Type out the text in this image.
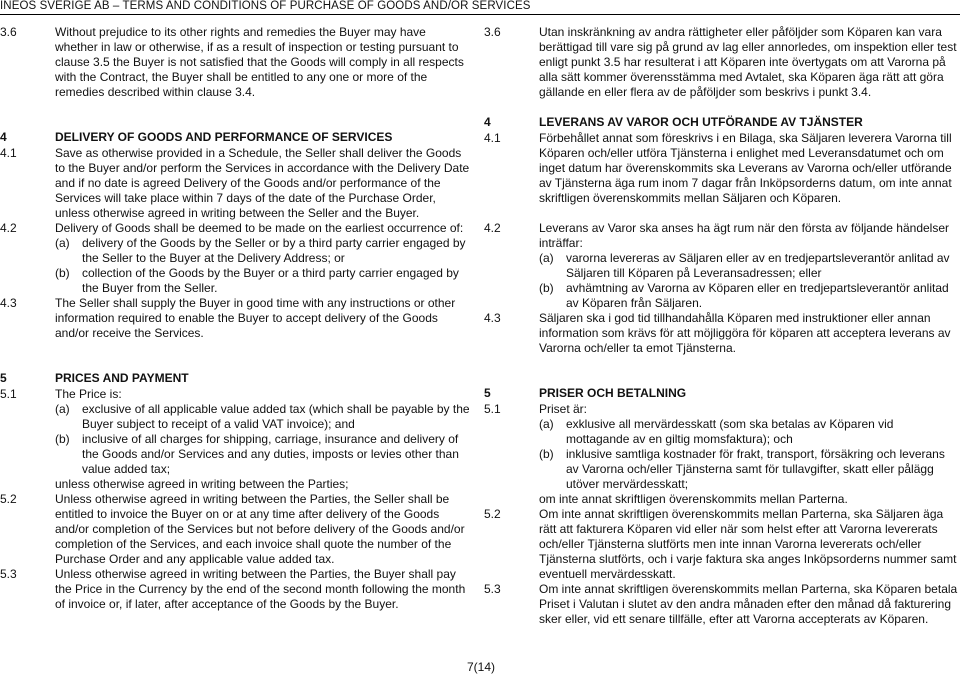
INEOS SVERIGE AB – TERMS AND CONDITIONS OF PURCHASE OF GOODS AND/OR SERVICES
3.6	Without prejudice to its other rights and remedies the Buyer may have whether in law or otherwise, if as a result of inspection or testing pursuant to clause 3.5 the Buyer is not satisfied that the Goods will comply in all respects with the Contract, the Buyer shall be entitled to any one or more of the remedies described within clause 3.4.
4	DELIVERY OF GOODS AND PERFORMANCE OF SERVICES
4.1	Save as otherwise provided in a Schedule, the Seller shall deliver the Goods to the Buyer and/or perform the Services in accordance with the Delivery Date and if no date is agreed Delivery of the Goods and/or performance of the Services will take place within 7 days of the date of the Purchase Order, unless otherwise agreed in writing between the Seller and the Buyer.
4.2	Delivery of Goods shall be deemed to be made on the earliest occurrence of:
(a) delivery of the Goods by the Seller or by a third party carrier engaged by the Seller to the Buyer at the Delivery Address; or
(b) collection of the Goods by the Buyer or a third party carrier engaged by the Buyer from the Seller.
4.3	The Seller shall supply the Buyer in good time with any instructions or other information required to enable the Buyer to accept delivery of the Goods and/or receive the Services.
5	PRICES AND PAYMENT
5.1	The Price is:
(a) exclusive of all applicable value added tax (which shall be payable by the Buyer subject to receipt of a valid VAT invoice); and
(b) inclusive of all charges for shipping, carriage, insurance and delivery of the Goods and/or Services and any duties, imposts or levies other than value added tax;
unless otherwise agreed in writing between the Parties;
5.2	Unless otherwise agreed in writing between the Parties, the Seller shall be entitled to invoice the Buyer on or at any time after delivery of the Goods and/or completion of the Services but not before delivery of the Goods and/or completion of the Services, and each invoice shall quote the number of the Purchase Order and any applicable value added tax.
5.3	Unless otherwise agreed in writing between the Parties, the Buyer shall pay the Price in the Currency by the end of the second month following the month of invoice or, if later, after acceptance of the Goods by the Buyer.
3.6	Utan inskränkning av andra rättigheter eller påföljder som Köparen kan vara berättigad till vare sig på grund av lag eller annorledes, om inspektion eller test enligt punkt 3.5 har resulterat i att Köparen inte övertygats om att Varorna på alla sätt kommer överensstämma med Avtalet, ska Köparen äga rätt att göra gällande en eller flera av de påföljder som beskrivs i punkt 3.4.
4	LEVERANS AV VAROR OCH UTFÖRANDE AV TJÄNSTER
4.1	Förbehållet annat som föreskrivs i en Bilaga, ska Säljaren leverera Varorna till Köparen och/eller utföra Tjänsterna i enlighet med Leveransdatumet och om inget datum har överenskommits ska Leverans av Varorna och/eller utförande av Tjänsterna äga rum inom 7 dagar från Inköpsorderns datum, om inte annat skriftligen överenskommits mellan Säljaren och Köparen.
4.2	Leverans av Varor ska anses ha ägt rum när den första av följande händelser inträffar:
(a) varorna levereras av Säljaren eller av en tredjepartsleverantör anlitad av Säljaren till Köparen på Leveransadressen; eller
(b) avhämtning av Varorna av Köparen eller en tredjepartsleverantör anlitad av Köparen från Säljaren.
4.3	Säljaren ska i god tid tillhandahålla Köparen med instruktioner eller annan information som krävs för att möjliggöra för köparen att acceptera leverans av Varorna och/eller ta emot Tjänsterna.
5	PRISER OCH BETALNING
5.1	Priset är:
(a) exklusive all mervärdesskatt (som ska betalas av Köparen vid mottagande av en giltig momsfaktura); och
(b) inklusive samtliga kostnader för frakt, transport, försäkring och leverans av Varorna och/eller Tjänsterna samt för tullavgifter, skatt eller pålägg utöver mervärdesskatt;
om inte annat skriftligen överenskommits mellan Parterna.
5.2	Om inte annat skriftligen överenskommits mellan Parterna, ska Säljaren äga rätt att fakturera Köparen vid eller när som helst efter att Varorna levererats och/eller Tjänsterna slutförts men inte innan Varorna levererats och/eller Tjänsterna slutförts, och i varje faktura ska anges Inköpsorderns nummer samt eventuell mervärdesskatt.
5.3	Om inte annat skriftligen överenskommits mellan Parterna, ska Köparen betala Priset i Valutan i slutet av den andra månaden efter den månad då fakturering sker eller, vid ett senare tillfälle, efter att Varorna accepterats av Köparen.
7(14)
